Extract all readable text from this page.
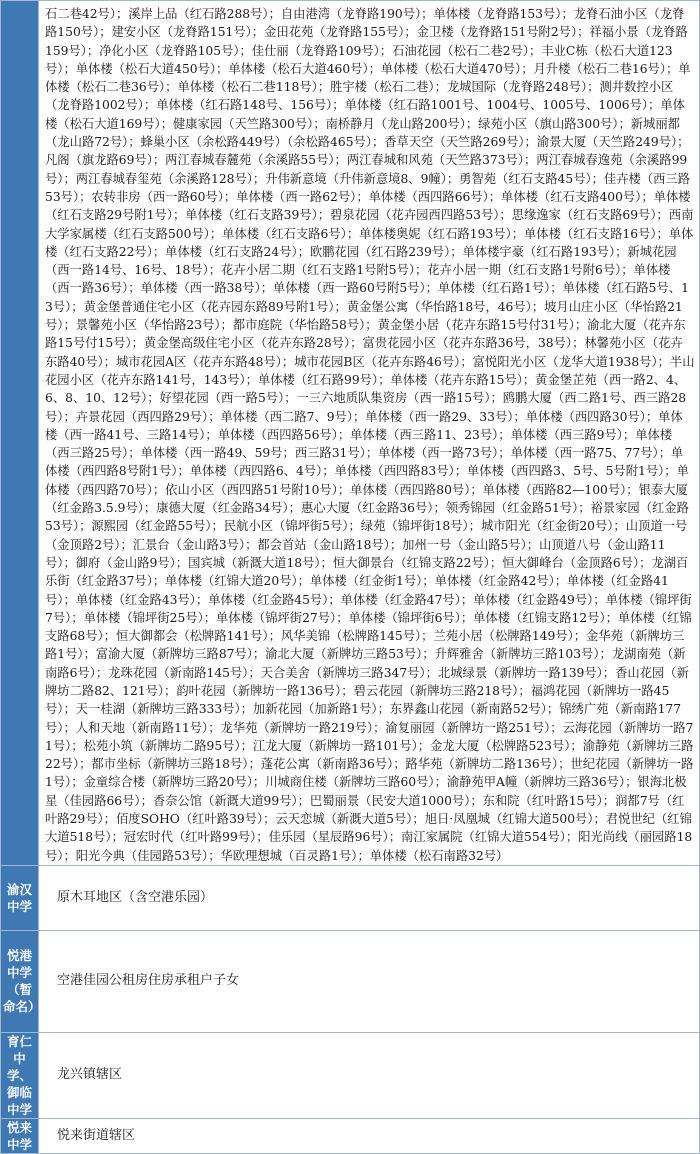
	石二巷42号）；溪岸上品（红石路288号）；自由港湾（龙脊路190号）；单体楼（龙脊路153号）；龙脊石油小区（龙脊路150号）；建安小区（龙脊路151号）；金田花苑（龙脊路155号）；金卫楼（龙脊路151号附2号）；祥福小景（龙脊路159号）；净化小区（龙脊路105号）；佳仕丽（龙脊路109号）；石油花园（松石二巷2号）；丰业C栋（松石大道123号）；单体楼（松石大道450号）；单体楼（松石大道460号）；单体楼（松石大道470号）；月升楼（松石二巷16号）；单体楼（松石二巷36号）；单体楼（松石二巷118号）；胜宇楼（松石二巷）；龙城国际（龙脊路248号）；测井数控小区（龙脊路1002号）；单体楼（红石路148号、156号）；单体楼（红石路1001号、1004号、1005号、1006号）；单体楼（松石大道169号）；健康家园（天竺路300号）；南桥静月（龙山路200号）；绿苑小区（旗山路300号）；新城丽都（龙山路72号）；蜂巢小区（余松路449号）（余松路465号）；香草天空（天竺路269号）；渝景大厦（天竺路249号）；凡阁（旗龙路69号）；两江春城春麓苑（余溪路55号）；两江春城和风苑（天竺路373号）；两江春城春逸苑（余溪路99号）；两江春城春玺苑（余溪路128号）；升伟新意境（升伟新意境8、9幢）；勇智苑（红石支路45号）；佳卉楼（西三路53号）；农转非房（西一路60号）；单体楼（西一路62号）；单体楼（西四路66号）；单体楼（红石支路400号）；单体楼（红石支路29号附1号）；单体楼（红石支路39号）；碧泉花园（花卉园西四路53号）；思缘逸家（红石支路69号）；西南大学家属楼（红石支路500号）；单体楼（红石支路6号）；单体楼奥妮（红石路193号）；单体楼（红石支路16号）；单体楼（红石支路22号）；单体楼（红石支路24号）；欧鹏花园（红石路239号）；单体楼宇豪（红石路193号）；新城花园（西一路14号、16号、18号）；花卉小居二期（红石支路1号附5号）；花卉小居一期（红石支路1号附6号）；单体楼（西一路36号）；单体楼（西一路38号）；单体楼（西一路60号附5号）；单体楼（红石路1号）；单体楼（红石路5号、13号）；黄金堡普通住宅小区（花卉园东路89号附1号）；黄金堡公寓（华怡路18号，46号）；坡月山庄小区（华怡路21号）；景馨苑小区（华怡路23号）；都市庭院（华怡路58号）；黄金堡小居（花卉东路15号付31号）；渝北大厦（花卉东路15号付15号）；黄金堡高级住宅小区（花卉东路28号）；富贵花园小区（花卉东路36号，38号）；林馨苑小区（花卉东路40号）；城市花园A区（花卉东路48号）；城市花园B区（花卉东路46号）；富悦阳光小区（龙华大道1938号）；半山花园小区（花卉东路141号，143号）；单体楼（红石路99号）；单体楼（花卉东路15号）；黄金堡芷苑（西一路2、4、6、8、10、12号）；好望花园（西一路5号）；一三六地质队集资房（西一路15号）；鸥鹏大厦（西二路1号、西三路28号）；卉景花园（西四路29号）；单体楼（西二路7、9号）；单体楼（西一路29、33号）；单体楼（西四路30号）；单体楼（西一路41号、三路14号）；单体楼（西四路56号）；单体楼（西三路11、23号）；单体楼（西三路9号）；单体楼（西三路25号）；单体楼（西一路49、59号；西三路31号）；单体楼（西一路73号）；单体楼（西一路75、77号）；单体楼（西四路8号附1号）；单体楼（西四路6、4号）；单体楼（西四路83号）；单体楼（西四路3、5号、5号附1号）；单体楼（西四路70号）；依山小区（西四路51号附10号）；单体楼（西四路80号）；单体楼（西路82—100号）；银泰大厦（红金路3.5.9号）；康德大厦（红金路34号）；惠心大厦（红金路36号）；领秀锦园（红金路51号）；裕景家园（红金路53号）；源熙园（红金路55号）；民航小区（锦坪街5号）；绿苑（锦坪街18号）；城市阳光（红金街20号）；山顶道一号（金顶路2号）；汇景台（金山路3号）；都会首站（金山路18号）；加州一号（金山路5号）；山顶道八号（金山路11号）；御府（金山路9号）；国宾城（新溉大道18号）；恒大御景台（红锦支路22号）；恒大御峰台（金顶路6号）；龙湖百乐街（红金路37号）；单体楼（红锦大道20号）；单体楼（红金街1号）；单体楼（红金路42号）；单体楼（红金路41号）；单体楼（红金路43号）；单体楼（红金路45号）；单体楼（红金路47号）；单体楼（红金路49号）；单体楼（锦坪街7号）；单体楼（锦坪街25号）；单体楼（锦坪街27号）；单体楼（锦坪街6号）；单体楼（红锦支路12号）；单体楼（红锦支路68号）；恒大御都会（松牌路141号）；风华美锦（松牌路145号）；兰苑小居（松牌路149号）；金华苑（新牌坊三路1号）；富渝大厦（新牌坊三路87号）；渝北大厦（新牌坊三路53号）；升辉雅舍（新牌坊三路103号）；龙湖南苑（新南路6号）；龙珠花园（新南路145号）；天合美舍（新牌坊三路347号）；北城绿景（新牌坊一路139号）；香山花园（新牌坊二路82、121号）；韵叶花园（新牌坊一路136号）；碧云花园（新牌坊三路218号）；福鸿花园（新牌坊一路45号）；天一桂湖（新牌坊三路333号）；加新花园（加新路1号）；东界鑫山花园（新南路52号）；锦绣广苑（新南路177号）；人和天地（新南路11号）；龙华苑（新牌坊一路219号）；渝复丽园（新牌坊一路251号）；云海花园（新牌坊一路71号）；松苑小筑（新牌坊二路95号）；江龙大厦（新牌坊一路101号）；金龙大厦（松牌路523号）；渝静苑（新牌坊三路22号）；都市坐标（新牌坊三路18号）；蓬花公寓（新南路36号）；路华苑（新牌坊二路136号）；世纪花园（新牌坊一路1号）；金童综合楼（新牌坊三路20号）；川城商住楼（新牌坊三路60号）；渝静苑甲A幢（新牌坊三路36号）；银海北极星（佳园路66号）；香奈公馆（新溉大道99号）；巴蜀丽景（民安大道1000号）；东和院（红叶路15号）；润都7号（红叶路29号）；佰度SOHO（红叶路39号）；云天恋城（新溉大道5号）；旭日·凤凰城（红锦大道500号）；君悦世纪（红锦大道518号）；冠宏时代（红叶路99号）；佳乐园（星辰路96号）；南江家属院（红锦大道554号）；阳光尚线（丽园路18号）；阳光今典（佳园路53号）；华欧理想城（百灵路1号）；单体楼（松石南路32号）
渝汉中学	原木耳地区（含空港乐园）
悦港中学（暂命名）	空港佳园公租房住房承租户子女
育仁中学、御临中学	龙兴镇辖区
悦来中学	悦来街道辖区
